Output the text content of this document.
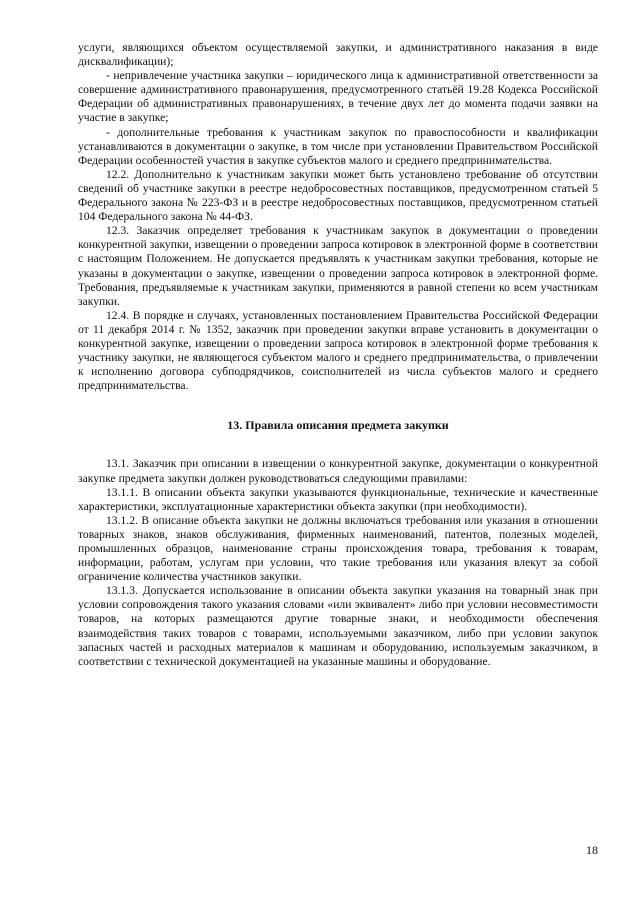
услуги, являющихся объектом осуществляемой закупки, и административного наказания в виде дисквалификации);

- непривлечение участника закупки – юридического лица к административной ответственности за совершение административного правонарушения, предусмотренного статьёй 19.28 Кодекса Российской Федерации об административных правонарушениях, в течение двух лет до момента подачи заявки на участие в закупке;

- дополнительные требования к участникам закупок по правоспособности и квалификации устанавливаются в документации о закупке, в том числе при установлении Правительством Российской Федерации особенностей участия в закупке субъектов малого и среднего предпринимательства.

12.2. Дополнительно к участникам закупки может быть установлено требование об отсутствии сведений об участнике закупки в реестре недобросовестных поставщиков, предусмотренном статьей 5 Федерального закона № 223-ФЗ и в реестре недобросовестных поставщиков, предусмотренном статьей 104 Федерального закона № 44-ФЗ.

12.3. Заказчик определяет требования к участникам закупок в документации о проведении конкурентной закупки, извещении о проведении запроса котировок в электронной форме в соответствии с настоящим Положением. Не допускается предъявлять к участникам закупки требования, которые не указаны в документации о закупке, извещении о проведении запроса котировок в электронной форме. Требования, предъявляемые к участникам закупки, применяются в равной степени ко всем участникам закупки.

12.4. В порядке и случаях, установленных постановлением Правительства Российской Федерации от 11 декабря 2014 г. № 1352, заказчик при проведении закупки вправе установить в документации о конкурентной закупке, извещении о проведении запроса котировок в электронной форме требования к участнику закупки, не являющегося субъектом малого и среднего предпринимательства, о привлечении к исполнению договора субподрядчиков, соисполнителей из числа субъектов малого и среднего предпринимательства.

13. Правила описания предмета закупки

13.1. Заказчик при описании в извещении о конкурентной закупке, документации о конкурентной закупке предмета закупки должен руководствоваться следующими правилами:

13.1.1. В описании объекта закупки указываются функциональные, технические и качественные характеристики, эксплуатационные характеристики объекта закупки (при необходимости).

13.1.2. В описание объекта закупки не должны включаться требования или указания в отношении товарных знаков, знаков обслуживания, фирменных наименований, патентов, полезных моделей, промышленных образцов, наименование страны происхождения товара, требования к товарам, информации, работам, услугам при условии, что такие требования или указания влекут за собой ограничение количества участников закупки.

13.1.3. Допускается использование в описании объекта закупки указания на товарный знак при условии сопровождения такого указания словами «или эквивалент» либо при условии несовместимости товаров, на которых размещаются другие товарные знаки, и необходимости обеспечения взаимодействия таких товаров с товарами, используемыми заказчиком, либо при условии закупок запасных частей и расходных материалов к машинам и оборудованию, используемым заказчиком, в соответствии с технической документацией на указанные машины и оборудование.

18
